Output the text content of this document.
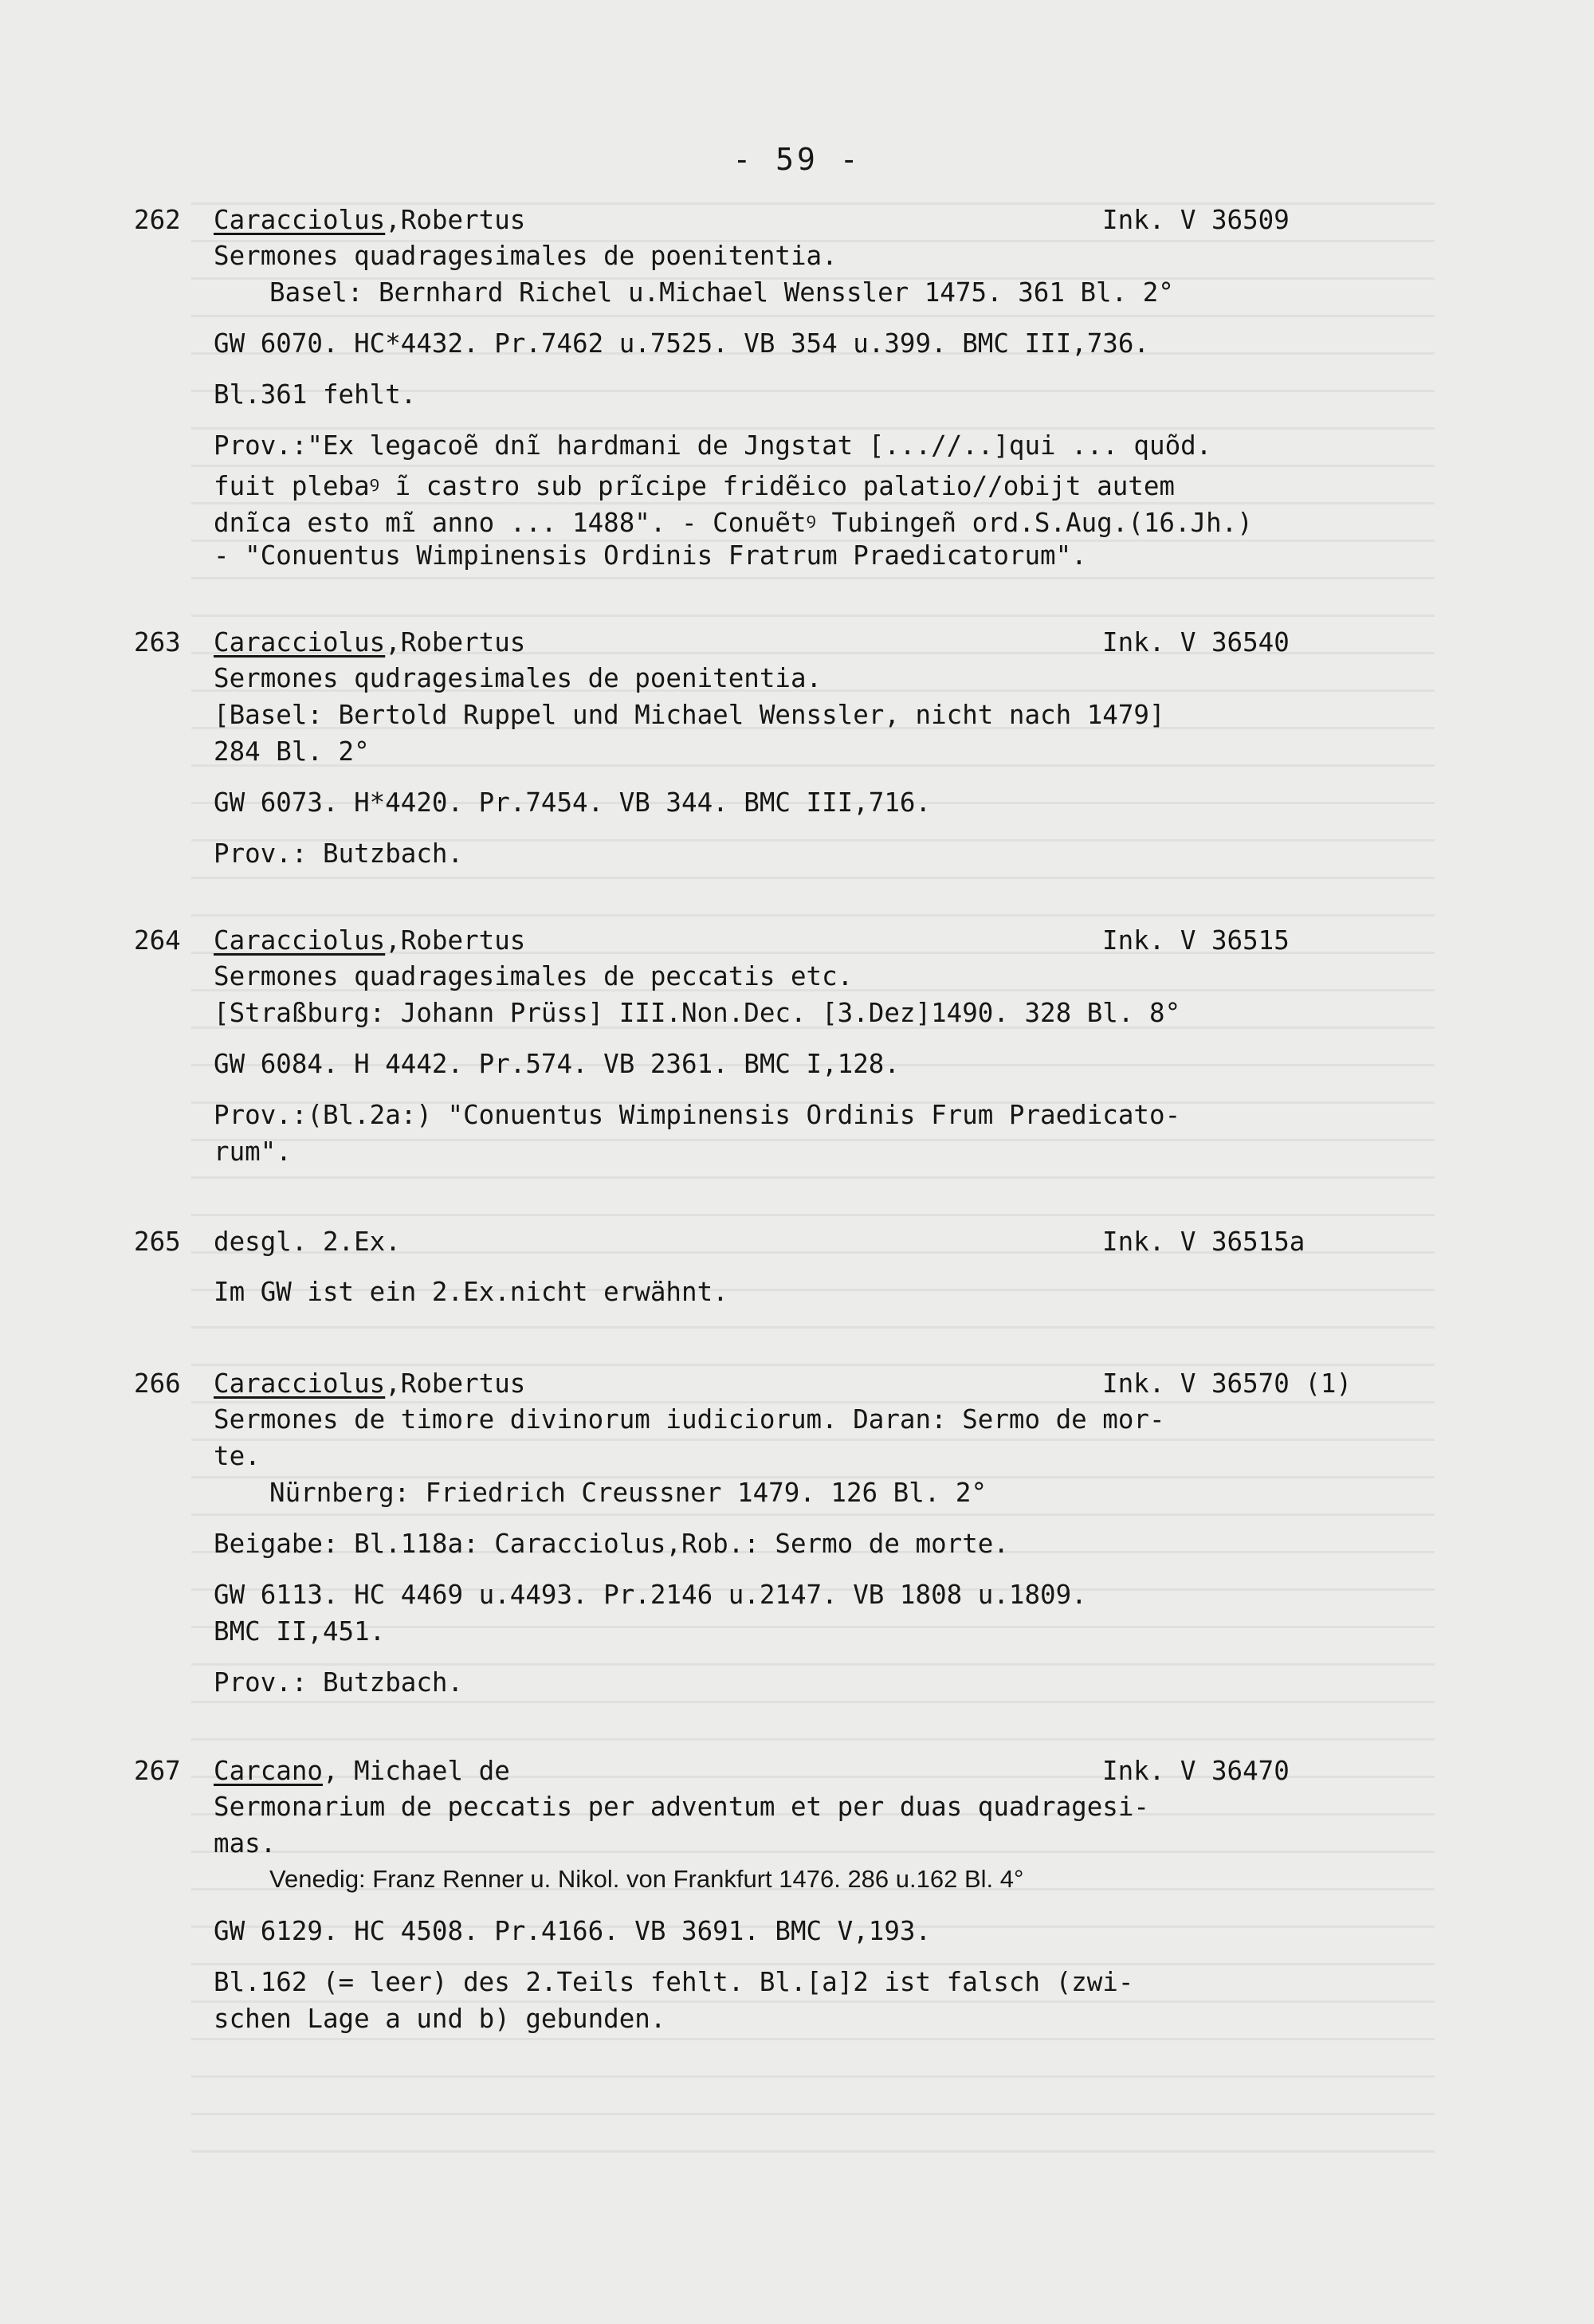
- 59 -
262 Caracciolus,Robertus	Ink. V 36509
Sermones quadragesimales de poenitentia.
Basel: Bernhard Richel u.Michael Wenssler 1475. 361 Bl. 2°
GW 6070. HC*4432. Pr.7462 u.7525. VB 354 u.399. BMC III,736.
Bl.361 fehlt.
Prov.:"Ex legacoẽ dnĩ hardmani de Jngstat [...//..]qui ... quõd.
fuit plebaꝰ ĩ castro sub prĩcipe fridẽico palatio//obijt autem
dnĩca esto mĩ anno ... 1488". - Conuẽtꝰ Tubingeñ ord.S.Aug.(16.Jh.)
- "Conuentus Wimpinensis Ordinis Fratrum Praedicatorum".
263 Caracciolus,Robertus	Ink. V 36540
Sermones qudragesimales de poenitentia.
[Basel: Bertold Ruppel und Michael Wenssler, nicht nach 1479]
284 Bl. 2°
GW 6073. H*4420. Pr.7454. VB 344. BMC III,716.
Prov.: Butzbach.
264 Caracciolus,Robertus	Ink. V 36515
Sermones quadragesimales de peccatis etc.
[Straßburg: Johann Prüss] III.Non.Dec. [3.Dez]1490. 328 Bl. 8°
GW 6084. H 4442. Pr.574. VB 2361. BMC I,128.
Prov.:(Bl.2a:) "Conuentus Wimpinensis Ordinis Frum Praedicato-
rum".
265 desgl. 2.Ex.	Ink. V 36515a
Im GW ist ein 2.Ex.nicht erwähnt.
266 Caracciolus,Robertus	Ink. V 36570 (1)
Sermones de timore divinorum iudiciorum. Daran: Sermo de mor-
te.
Nürnberg: Friedrich Creussner 1479. 126 Bl. 2°
Beigabe: Bl.118a: Caracciolus,Rob.: Sermo de morte.
GW 6113. HC 4469 u.4493. Pr.2146 u.2147. VB 1808 u.1809.
BMC II,451.
Prov.: Butzbach.
267 Carcano, Michael de	Ink. V 36470
Sermonarium de peccatis per adventum et per duas quadragesi-
mas.
Venedig: Franz Renner u. Nikol. von Frankfurt 1476. 286 u.162 Bl. 4°
GW 6129. HC 4508. Pr.4166. VB 3691. BMC V,193.
Bl.162 (= leer) des 2.Teils fehlt. Bl.[a]2 ist falsch (zwi-
schen Lage a und b) gebunden.
